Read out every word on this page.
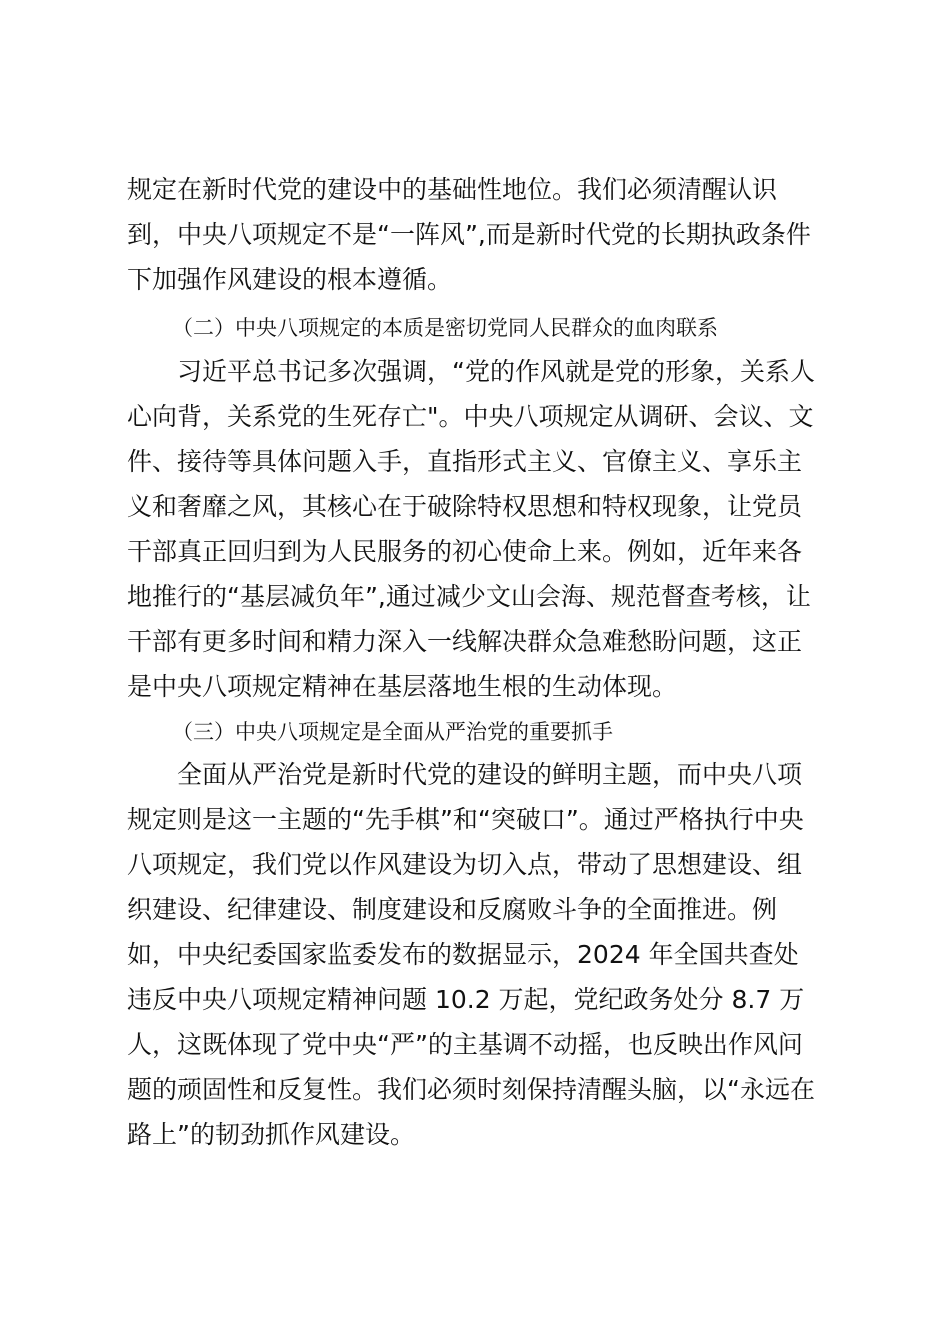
规定在新时代党的建设中的基础性地位。我们必须清醒认识

到，中央八项规定不是“一阵风”,而是新时代党的长期执政条件

下加强作风建设的根本遵循。

（二）中央八项规定的本质是密切党同人民群众的血肉联系

习近平总书记多次强调，“党的作风就是党的形象，关系人

心向背，关系党的生死存亡"。中央八项规定从调研、会议、文

件、接待等具体问题入手，直指形式主义、官僚主义、享乐主

义和奢靡之风，其核心在于破除特权思想和特权现象，让党员

干部真正回归到为人民服务的初心使命上来。例如，近年来各

地推行的“基层减负年”,通过减少文山会海、规范督查考核，让

干部有更多时间和精力深入一线解决群众急难愁盼问题，这正

是中央八项规定精神在基层落地生根的生动体现。

（三）中央八项规定是全面从严治党的重要抓手

全面从严治党是新时代党的建设的鲜明主题，而中央八项

规定则是这一主题的“先手棋”和“突破口”。通过严格执行中央

八项规定，我们党以作风建设为切入点，带动了思想建设、组

织建设、纪律建设、制度建设和反腐败斗争的全面推进。例

如，中央纪委国家监委发布的数据显示，2024 年全国共查处

违反中央八项规定精神问题 10.2 万起，党纪政务处分 8.7 万

人，这既体现了党中央“严”的主基调不动摇，也反映出作风问

题的顽固性和反复性。我们必须时刻保持清醒头脑，以“永远在

路上”的韧劲抓作风建设。
